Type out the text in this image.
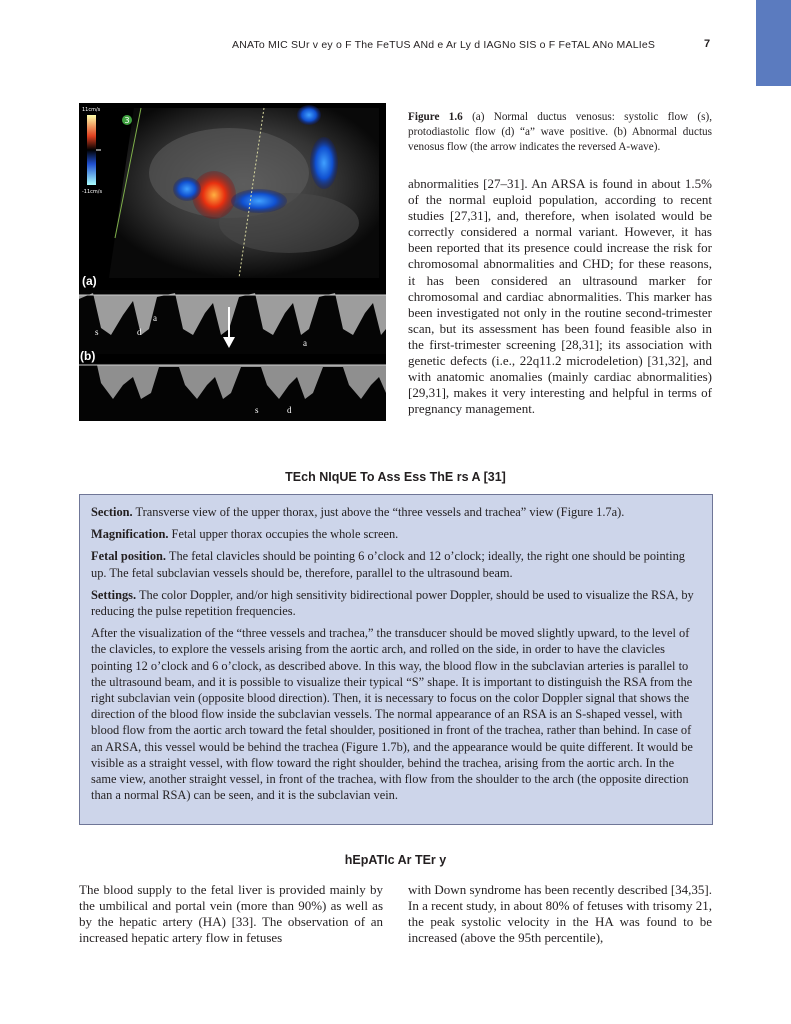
ANATo MIC SUr v ey o F The FeTUS ANd e Ar Ly d IAGNo SIS o F FeTAL ANo MALIeS	7
11cm/s
-11cm/s
3
(a)
a
s	d
a
(b)
s	d
Figure 1.6 (a) Normal ductus venosus: systolic flow (s), protodiastolic flow (d) “a” wave positive. (b) Abnormal ductus venosus flow (the arrow indicates the reversed A-wave).
abnormalities [27–31]. An ARSA is found in about 1.5% of the normal euploid population, according to recent studies [27,31], and, therefore, when isolated would be correctly considered a normal variant. However, it has been reported that its presence could increase the risk for chromosomal abnormalities and CHD; for these reasons, it has been considered an ultrasound marker for chromosomal and cardiac abnormalities. This marker has been investigated not only in the routine second-trimester scan, but its assessment has been found feasible also in the first-trimester screening [28,31]; its association with genetic defects (i.e., 22q11.2 microdeletion) [31,32], and with anatomic anomalies (mainly cardiac abnormalities) [29,31], makes it very interesting and helpful in terms of pregnancy management.
TEch NIqUE To Ass Ess ThE rs A [31]

Section. Transverse view of the upper thorax, just above the “three vessels and trachea” view (Figure 1.7a).

Magnification. Fetal upper thorax occupies the whole screen.

Fetal position. The fetal clavicles should be pointing 6 o’clock and 12 o’clock; ideally, the right one should be pointing up. The fetal subclavian vessels should be, therefore, parallel to the ultrasound beam.

Settings. The color Doppler, and/or high sensitivity bidirectional power Doppler, should be used to visualize the RSA, by reducing the pulse repetition frequencies.

After the visualization of the “three vessels and trachea,” the transducer should be moved slightly upward, to the level of the clavicles, to explore the vessels arising from the aortic arch, and rolled on the side, in order to have the clavicles pointing 12 o’clock and 6 o’clock, as described above. In this way, the blood flow in the subclavian arteries is parallel to the ultrasound beam, and it is possible to visualize their typical “S” shape. It is important to distinguish the RSA from the right subclavian vein (opposite blood direction). Then, it is necessary to focus on the color Doppler signal that shows the direction of the blood flow inside the subclavian vessels. The normal appearance of an RSA is an S-shaped vessel, with blood flow from the aortic arch toward the fetal shoulder, positioned in front of the trachea, rather than behind. In case of an ARSA, this vessel would be behind the trachea (Figure 1.7b), and the appearance would be quite different. It would be visible as a straight vessel, with flow toward the right shoulder, behind the trachea, arising from the aortic arch. In the same view, another straight vessel, in front of the trachea, with flow from the shoulder to the arch (the opposite direction than a normal RSA) can be seen, and it is the subclavian vein.

hEpATIc Ar TEr y
The blood supply to the fetal liver is provided mainly by the umbilical and portal vein (more than 90%) as well as by the hepatic artery (HA) [33]. The observation of an increased hepatic artery flow in fetuses
with Down syndrome has been recently described [34,35]. In a recent study, in about 80% of fetuses with trisomy 21, the peak systolic velocity in the HA was found to be increased (above the 95th percentile),
